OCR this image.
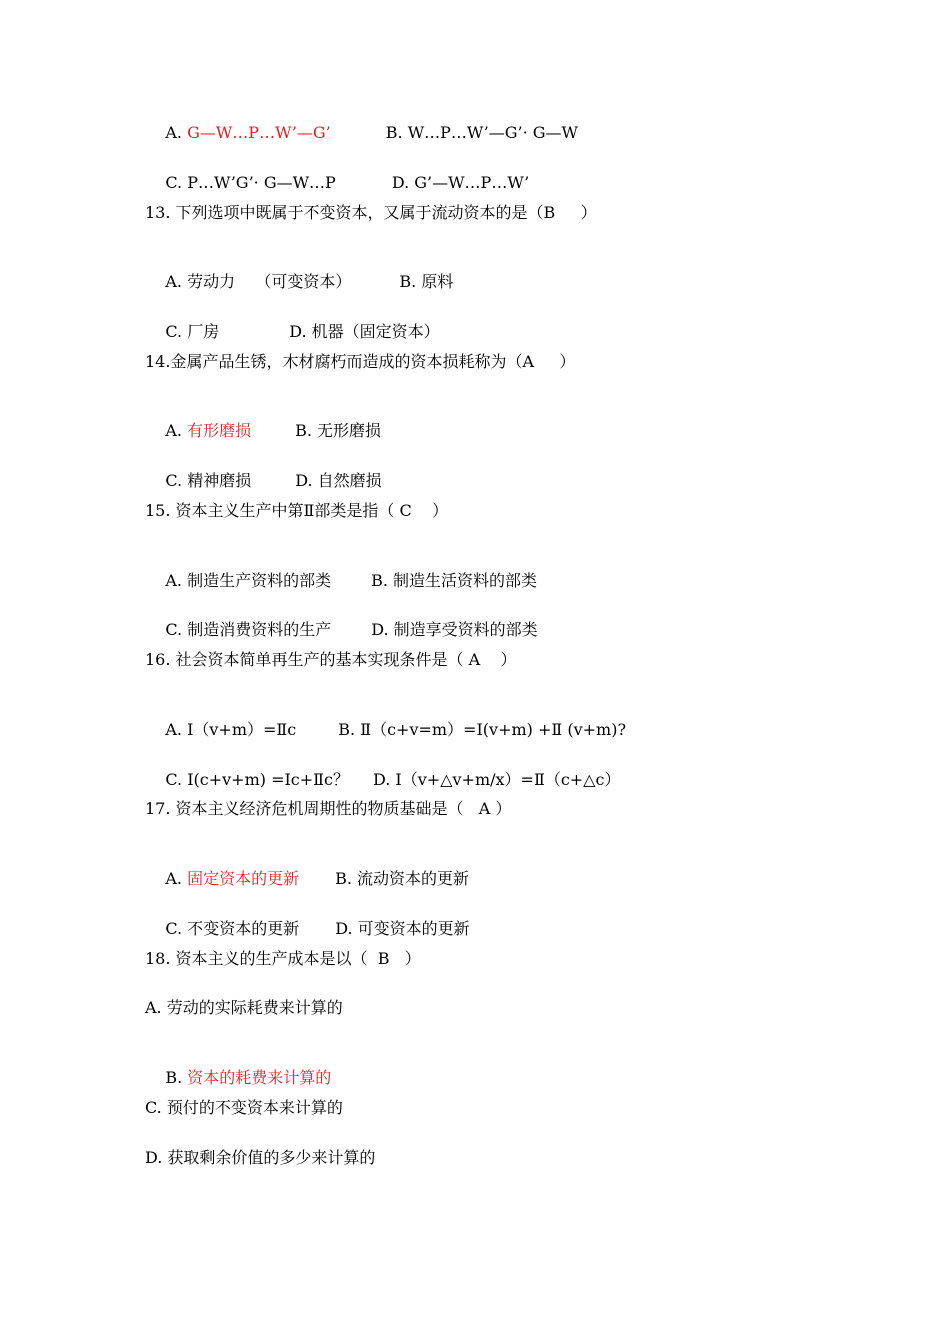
A. G—W…P…W’—G’	B. W…P…W’—G’· G—W

C. P…W’G’· G—W…P	D. G’—W…P…W’

13. 下列选项中既属于不变资本，又属于流动资本的是（B     ）

A. 劳动力    （可变资本）	B. 原料

C. 厂房	D. 机器（固定资本）

14.金属产品生锈，木材腐朽而造成的资本损耗称为（A     ）

A. 有形磨损	B. 无形磨损

C. 精神磨损	D. 自然磨损

15. 资本主义生产中第Ⅱ部类是指（ C    ）

A. 制造生产资料的部类	B. 制造生活资料的部类

C. 制造消费资料的生产	D. 制造享受资料的部类

16. 社会资本简单再生产的基本实现条件是（ A    ）

A. Ⅰ（v+m）=Ⅱc	B. Ⅱ（c+v=m）=Ⅰ(v+m) +Ⅱ (v+m)?

C. Ⅰ(c+v+m) =Ⅰc+Ⅱc？ D. Ⅰ（v+△v+m/x）=Ⅱ（c+△c）

17. 资本主义经济危机周期性的物质基础是（   A ）

A. 固定资本的更新 B. 流动资本的更新

C. 不变资本的更新 D. 可变资本的更新

18. 资本主义的生产成本是以（  B   ）
A. 劳动的实际耗费来计算的

B. 资本的耗费来计算的

C. 预付的不变资本来计算的
D. 获取剩余价值的多少来计算的
